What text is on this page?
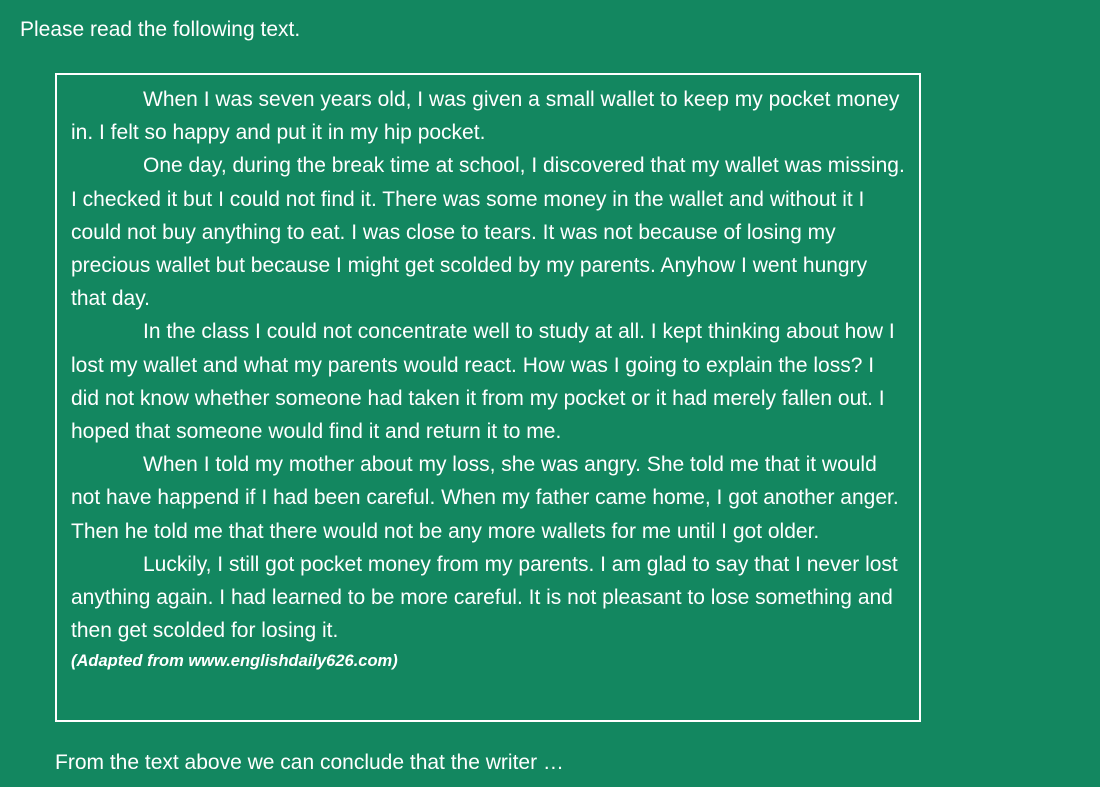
Please read the following text.

When I was seven years old, I was given a small wallet to keep my pocket money in. I felt so happy and put it in my hip pocket.

One day, during the break time at school, I discovered that my wallet was missing. I checked it but I could not find it. There was some money in the wallet and without it I could not buy anything to eat. I was close to tears. It was not because of losing my precious wallet but because I might get scolded by my parents. Anyhow I went hungry that day.

In the class I could not concentrate well to study at all. I kept thinking about how I lost my wallet and what my parents would react. How was I going to explain the loss? I did not know whether someone had taken it from my pocket or it had merely fallen out. I hoped that someone would find it and return it to me.

When I told my mother about my loss, she was angry. She told me that it would not have happend if I had been careful. When my father came home, I got another anger. Then he told me that there would not be any more wallets for me until I got older.

Luckily, I still got pocket money from my parents. I am glad to say that I never lost anything again. I had learned to be more careful. It is not pleasant to lose something and then get scolded for losing it.

(Adapted from www.englishdaily626.com)

From the text above we can conclude that the writer …
